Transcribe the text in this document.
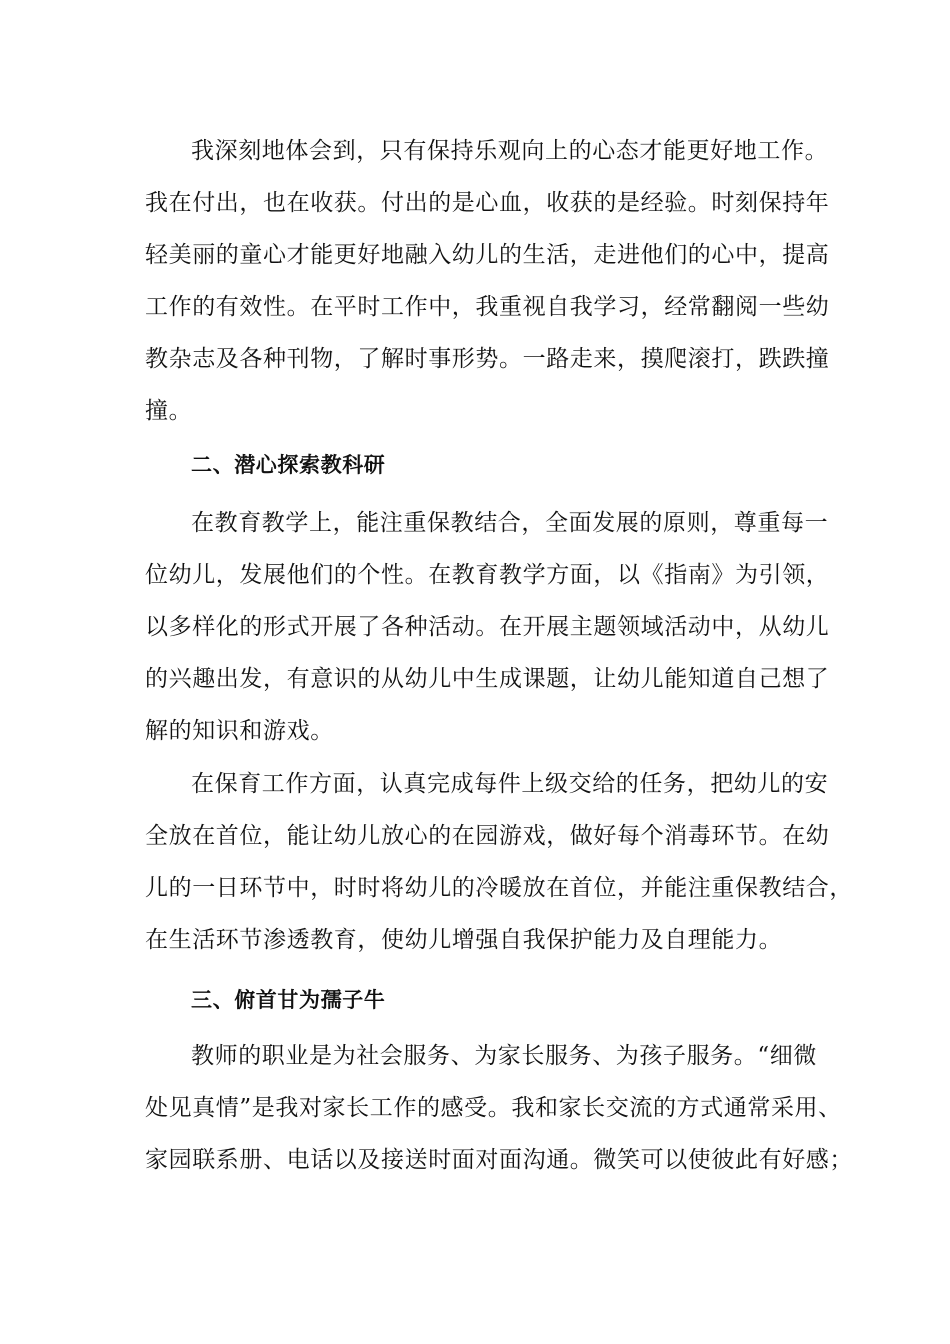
我深刻地体会到，只有保持乐观向上的心态才能更好地工作。
我在付出，也在收获。付出的是心血，收获的是经验。时刻保持年
轻美丽的童心才能更好地融入幼儿的生活，走进他们的心中，提高
工作的有效性。在平时工作中，我重视自我学习，经常翻阅一些幼
教杂志及各种刊物，了解时事形势。一路走来，摸爬滚打，跌跌撞
撞。

二、潜心探索教科研

在教育教学上，能注重保教结合，全面发展的原则，尊重每一
位幼儿，发展他们的个性。在教育教学方面，以《指南》为引领，
以多样化的形式开展了各种活动。在开展主题领域活动中，从幼儿
的兴趣出发，有意识的从幼儿中生成课题，让幼儿能知道自己想了
解的知识和游戏。

在保育工作方面，认真完成每件上级交给的任务，把幼儿的安
全放在首位，能让幼儿放心的在园游戏，做好每个消毒环节。在幼
儿的一日环节中，时时将幼儿的冷暖放在首位，并能注重保教结合，
在生活环节渗透教育，使幼儿增强自我保护能力及自理能力。

三、俯首甘为孺子牛

教师的职业是为社会服务、为家长服务、为孩子服务。“细微
处见真情”是我对家长工作的感受。我和家长交流的方式通常采用、
家园联系册、电话以及接送时面对面沟通。微笑可以使彼此有好感；
